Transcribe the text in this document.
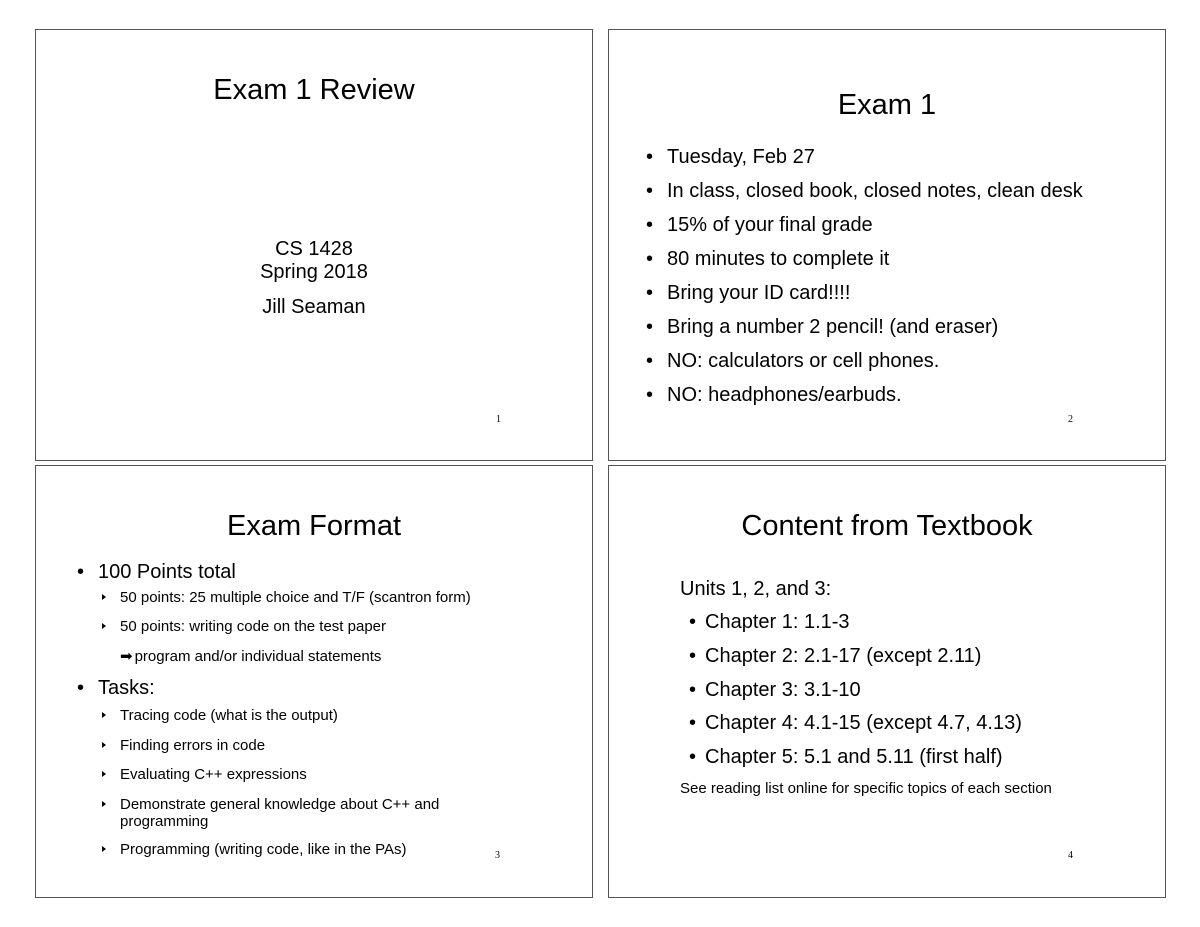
Exam 1 Review
CS 1428
Spring 2018
Jill Seaman
1
Exam 1
• Tuesday, Feb 27
• In class, closed book, closed notes, clean desk
• 15% of your final grade
• 80 minutes to complete it
• Bring your ID card!!!!
• Bring a number 2 pencil! (and eraser)
• NO: calculators or cell phones.
• NO: headphones/earbuds.
2
Exam Format
• 100 Points total
50 points: 25 multiple choice and T/F (scantron form)
50 points: writing code on the test paper
➡ program and/or individual statements
• Tasks:
Tracing code (what is the output)
Finding errors in code
Evaluating C++ expressions
Demonstrate general knowledge about C++ and
programming
Programming (writing code, like in the PAs)	3
Content from Textbook
Units 1, 2, and 3:
• Chapter 1: 1.1-3
• Chapter 2: 2.1-17 (except 2.11)
• Chapter 3: 3.1-10
• Chapter 4: 4.1-15 (except 4.7, 4.13)
• Chapter 5: 5.1 and 5.11 (first half)
See reading list online for specific topics of each section
4
